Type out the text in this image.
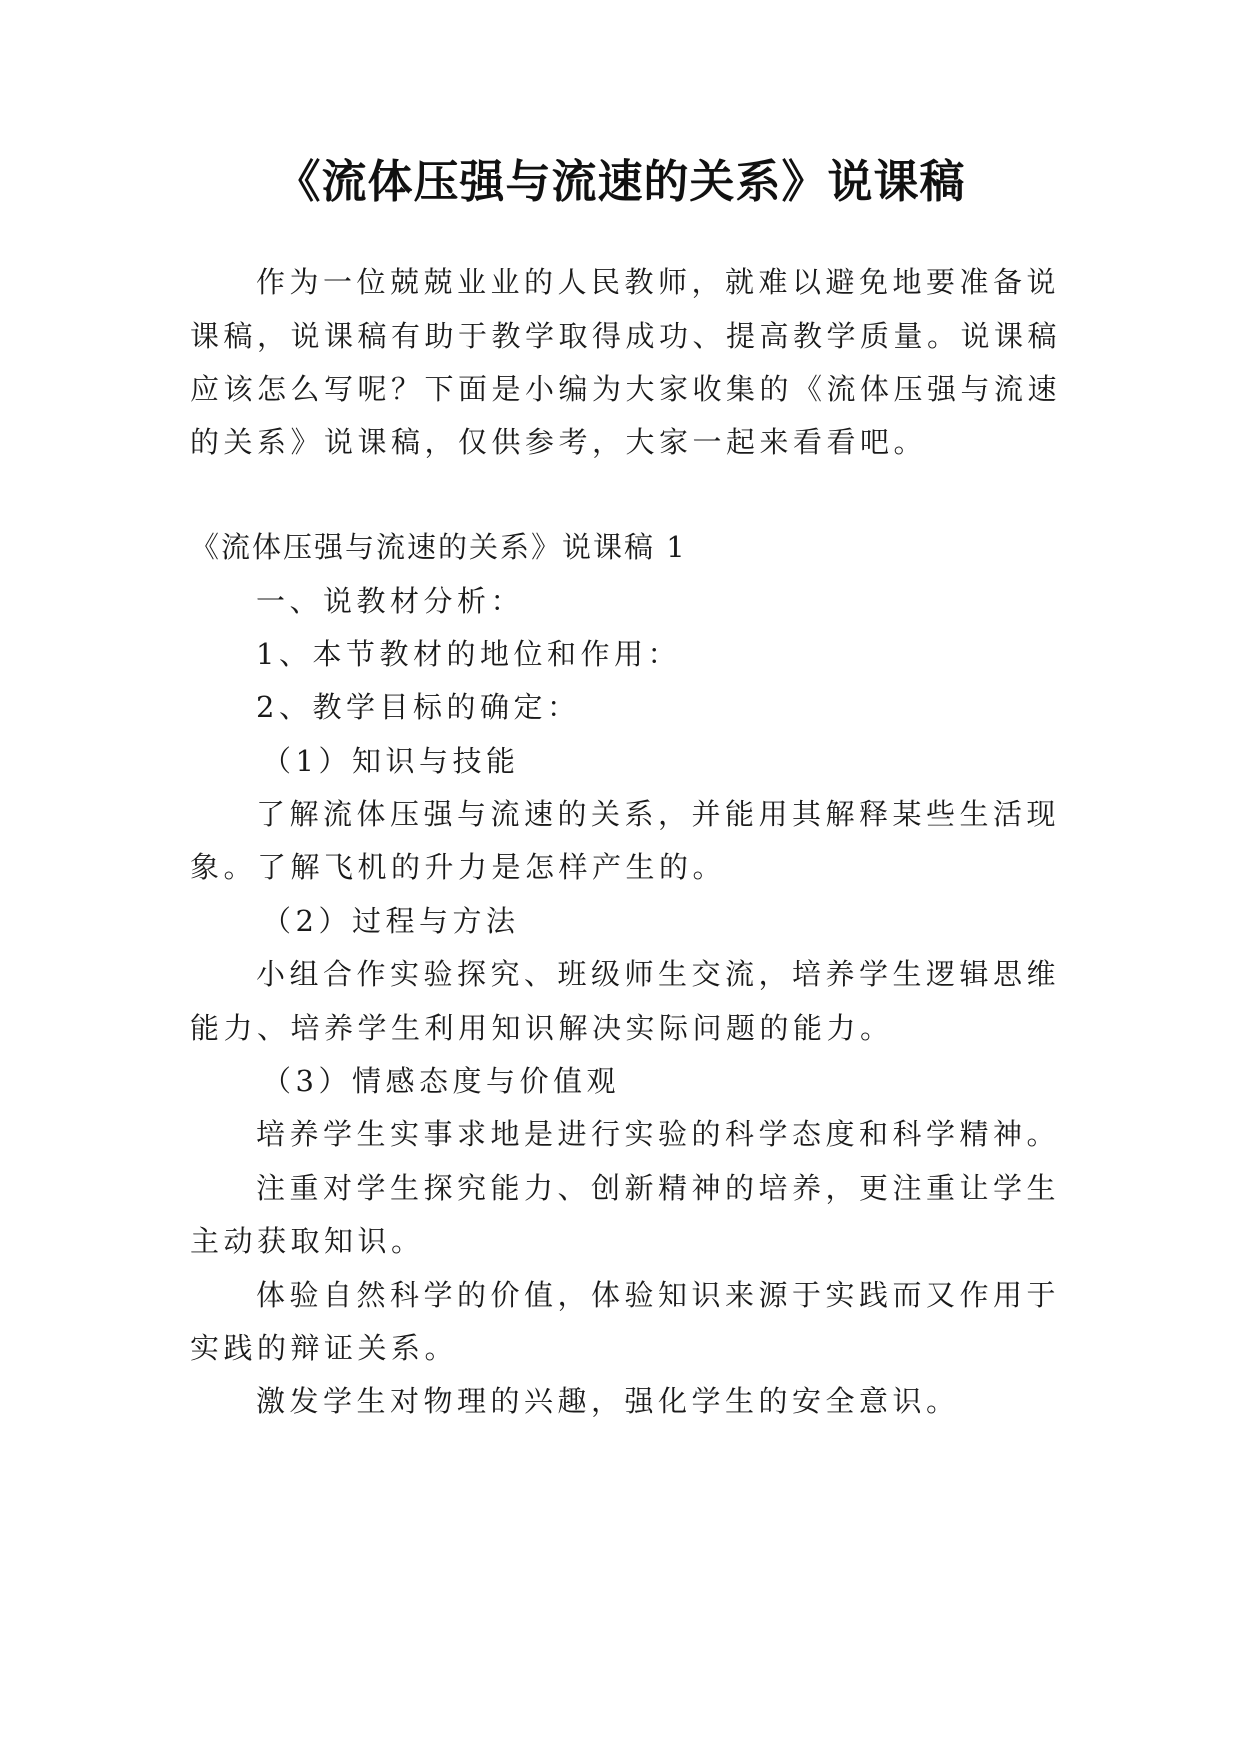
《流体压强与流速的关系》说课稿
作为一位兢兢业业的人民教师，就难以避免地要准备说
课稿，说课稿有助于教学取得成功、提高教学质量。说课稿
应该怎么写呢？下面是小编为大家收集的《流体压强与流速
的关系》说课稿，仅供参考，大家一起来看看吧。
《流体压强与流速的关系》说课稿 1
一、说教材分析：
1、本节教材的地位和作用：
2、教学目标的确定：
（1）知识与技能
了解流体压强与流速的关系，并能用其解释某些生活现
象。了解飞机的升力是怎样产生的。
（2）过程与方法
小组合作实验探究、班级师生交流，培养学生逻辑思维
能力、培养学生利用知识解决实际问题的能力。
（3）情感态度与价值观
培养学生实事求地是进行实验的科学态度和科学精神。
注重对学生探究能力、创新精神的培养，更注重让学生
主动获取知识。
体验自然科学的价值，体验知识来源于实践而又作用于
实践的辩证关系。
激发学生对物理的兴趣，强化学生的安全意识。
